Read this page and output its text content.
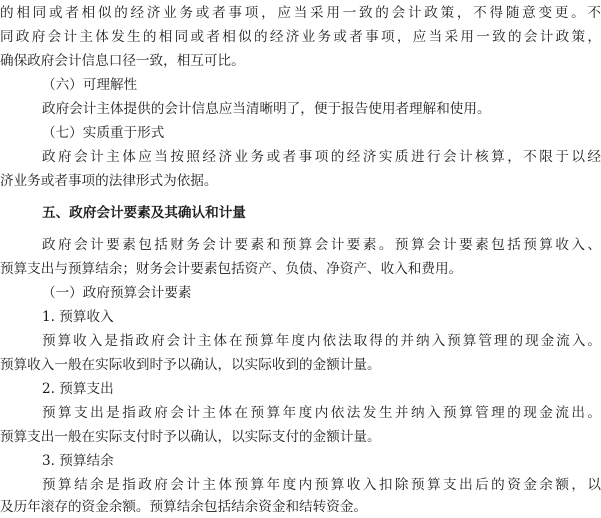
的相同或者相似的经济业务或者事项，应当采用一致的会计政策，不得随意变更。不
同政府会计主体发生的相同或者相似的经济业务或者事项，应当采用一致的会计政策，
确保政府会计信息口径一致，相互可比。
（六）可理解性
政府会计主体提供的会计信息应当清晰明了，便于报告使用者理解和使用。
（七）实质重于形式
政府会计主体应当按照经济业务或者事项的经济实质进行会计核算，不限于以经
济业务或者事项的法律形式为依据。
五、政府会计要素及其确认和计量
政府会计要素包括财务会计要素和预算会计要素。预算会计要素包括预算收入、
预算支出与预算结余；财务会计要素包括资产、负债、净资产、收入和费用。
（一）政府预算会计要素
1. 预算收入
预算收入是指政府会计主体在预算年度内依法取得的并纳入预算管理的现金流入。
预算收入一般在实际收到时予以确认，以实际收到的金额计量。
2. 预算支出
预算支出是指政府会计主体在预算年度内依法发生并纳入预算管理的现金流出。
预算支出一般在实际支付时予以确认，以实际支付的金额计量。
3. 预算结余
预算结余是指政府会计主体预算年度内预算收入扣除预算支出后的资金余额，以
及历年滚存的资金余额。预算结余包括结余资金和结转资金。
